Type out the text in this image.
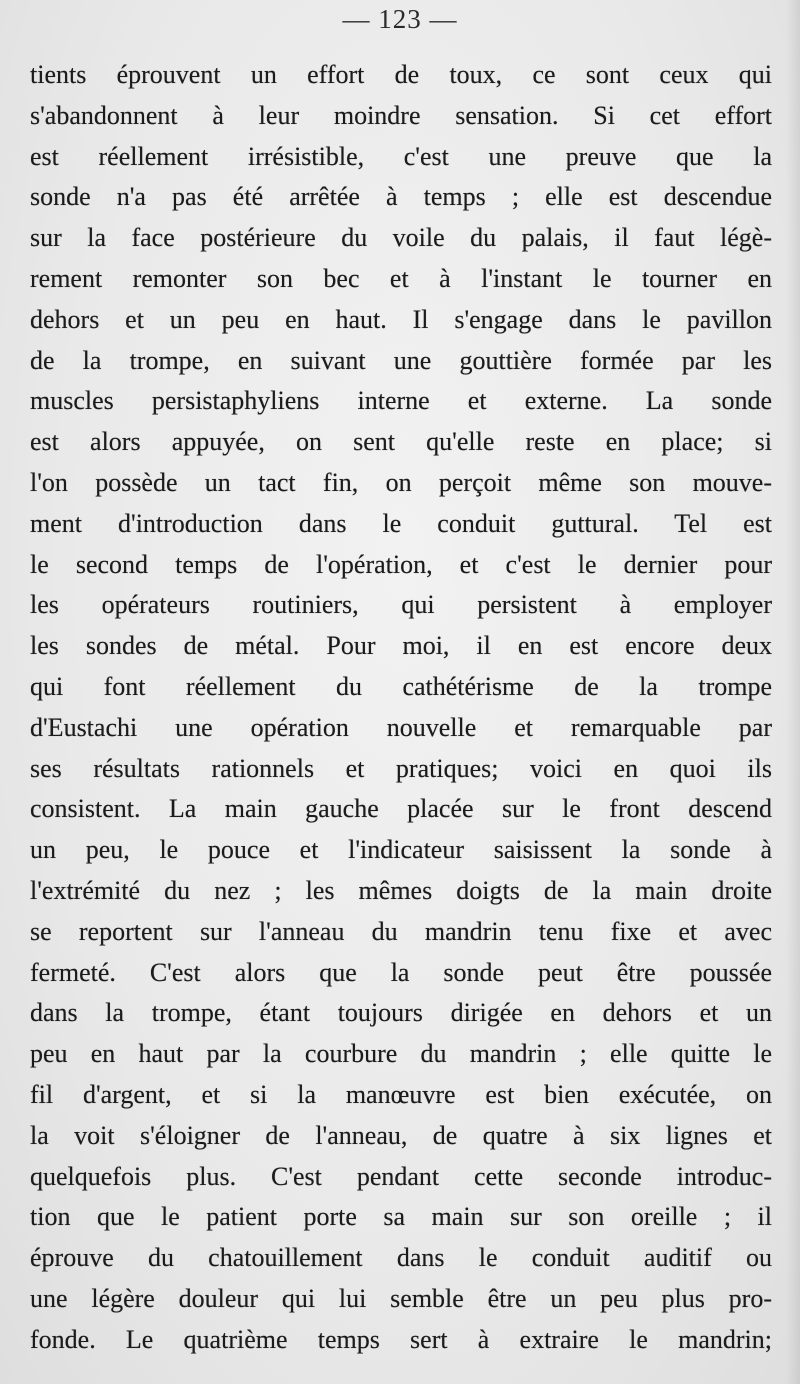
— 123 —
tients éprouvent un effort de toux, ce sont ceux qui
s'abandonnent à leur moindre sensation. Si cet effort
est réellement irrésistible, c'est une preuve que la
sonde n'a pas été arrêtée à temps ; elle est descendue
sur la face postérieure du voile du palais, il faut légè-
rement remonter son bec et à l'instant le tourner en
dehors et un peu en haut. Il s'engage dans le pavillon
de la trompe, en suivant une gouttière formée par les
muscles persistaphyliens interne et externe. La sonde
est alors appuyée, on sent qu'elle reste en place; si
l'on possède un tact fin, on perçoit même son mouve-
ment d'introduction dans le conduit guttural. Tel est
le second temps de l'opération, et c'est le dernier pour
les opérateurs routiniers, qui persistent à employer
les sondes de métal. Pour moi, il en est encore deux
qui font réellement du cathétérisme de la trompe
d'Eustachi une opération nouvelle et remarquable par
ses résultats rationnels et pratiques; voici en quoi ils
consistent. La main gauche placée sur le front descend
un peu, le pouce et l'indicateur saisissent la sonde à
l'extrémité du nez ; les mêmes doigts de la main droite
se reportent sur l'anneau du mandrin tenu fixe et avec
fermeté. C'est alors que la sonde peut être poussée
dans la trompe, étant toujours dirigée en dehors et un
peu en haut par la courbure du mandrin ; elle quitte le
fil d'argent, et si la manœuvre est bien exécutée, on
la voit s'éloigner de l'anneau, de quatre à six lignes et
quelquefois plus. C'est pendant cette seconde introduc-
tion que le patient porte sa main sur son oreille ; il
éprouve du chatouillement dans le conduit auditif ou
une légère douleur qui lui semble être un peu plus pro-
fonde. Le quatrième temps sert à extraire le mandrin;
